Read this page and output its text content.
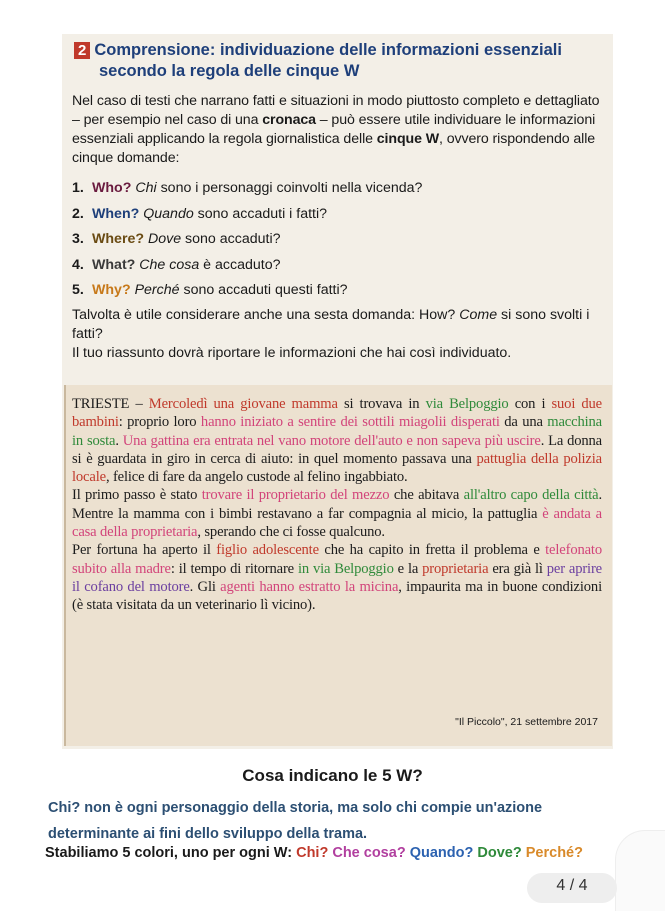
2 Comprensione: individuazione delle informazioni essenziali
secondo la regola delle cinque W
Nel caso di testi che narrano fatti e situazioni in modo piuttosto completo e dettagliato – per esempio nel caso di una cronaca – può essere utile individuare le informazioni essenziali applicando la regola giornalistica delle cinque W, ovvero rispondendo alle cinque domande:
1. Who? Chi sono i personaggi coinvolti nella vicenda?
2. When? Quando sono accaduti i fatti?
3. Where? Dove sono accaduti?
4. What? Che cosa è accaduto?
5. Why? Perché sono accaduti questi fatti?
Talvolta è utile considerare anche una sesta domanda: How? Come si sono svolti i fatti?
Il tuo riassunto dovrà riportare le informazioni che hai così individuato.

TRIESTE – Mercoledì una giovane mamma si trovava in via Belpoggio con i suoi due bambini: proprio loro hanno iniziato a sentire dei sottili miagolii disperati da una macchina in sosta. Una gattina era entrata nel vano motore dell'auto e non sapeva più uscire. La donna si è guardata in giro in cerca di aiuto: in quel momento passava una pattuglia della polizia locale, felice di fare da angelo custode al felino ingabbiato.

Il primo passo è stato trovare il proprietario del mezzo che abitava all'altro capo della città. Mentre la mamma con i bimbi restavano a far compagnia al micio, la pattuglia è andata a casa della proprietaria, sperando che ci fosse qualcuno.

Per fortuna ha aperto il figlio adolescente che ha capito in fretta il problema e telefonato subito alla madre: il tempo di ritornare in via Belpoggio e la proprietaria era già lì per aprire il cofano del motore. Gli agenti hanno estratto la micina, impaurita ma in buone condizioni (è stata visitata da un veterinario lì vicino).

"Il Piccolo", 21 settembre 2017
Cosa indicano le 5 W?
Chi? non è ogni personaggio della storia, ma solo chi compie un'azione determinante ai fini dello sviluppo della trama.
Stabiliamo 5 colori, uno per ogni W: Chi? Che cosa? Quando? Dove? Perché?
4 / 4
